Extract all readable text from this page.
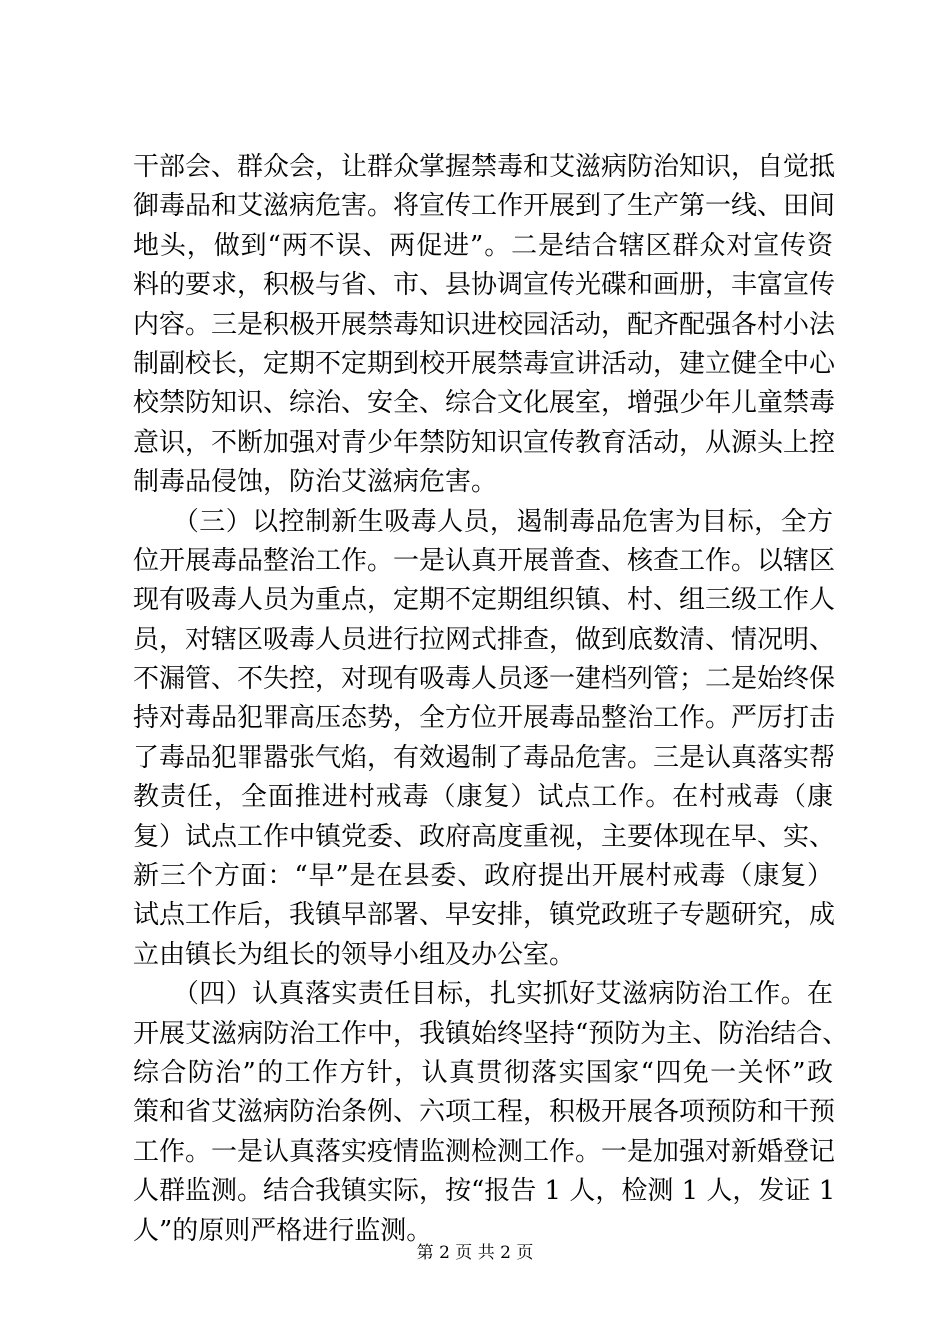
干部会、群众会，让群众掌握禁毒和艾滋病防治知识，自觉抵
御毒品和艾滋病危害。将宣传工作开展到了生产第一线、田间
地头，做到“两不误、两促进”。二是结合辖区群众对宣传资
料的要求，积极与省、市、县协调宣传光碟和画册，丰富宣传
内容。三是积极开展禁毒知识进校园活动，配齐配强各村小法
制副校长，定期不定期到校开展禁毒宣讲活动，建立健全中心
校禁防知识、综治、安全、综合文化展室，增强少年儿童禁毒
意识，不断加强对青少年禁防知识宣传教育活动，从源头上控
制毒品侵蚀，防治艾滋病危害。
　　（三）以控制新生吸毒人员，遏制毒品危害为目标，全方
位开展毒品整治工作。一是认真开展普查、核查工作。以辖区
现有吸毒人员为重点，定期不定期组织镇、村、组三级工作人
员，对辖区吸毒人员进行拉网式排查，做到底数清、情况明、
不漏管、不失控，对现有吸毒人员逐一建档列管；二是始终保
持对毒品犯罪高压态势，全方位开展毒品整治工作。严厉打击
了毒品犯罪嚣张气焰，有效遏制了毒品危害。三是认真落实帮
教责任，全面推进村戒毒（康复）试点工作。在村戒毒（康
复）试点工作中镇党委、政府高度重视，主要体现在早、实、
新三个方面：“早”是在县委、政府提出开展村戒毒（康复）
试点工作后，我镇早部署、早安排，镇党政班子专题研究，成
立由镇长为组长的领导小组及办公室。
　　（四）认真落实责任目标，扎实抓好艾滋病防治工作。在
开展艾滋病防治工作中，我镇始终坚持“预防为主、防治结合、
综合防治”的工作方针，认真贯彻落实国家“四免一关怀”政
策和省艾滋病防治条例、六项工程，积极开展各项预防和干预
工作。一是认真落实疫情监测检测工作。一是加强对新婚登记
人群监测。结合我镇实际，按“报告 1 人，检测 1 人，发证 1
人”的原则严格进行监测。
第 2 页 共 2 页
